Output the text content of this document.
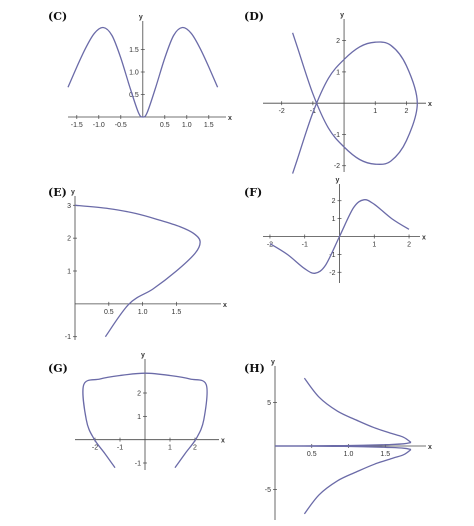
(C)
x
y
-1.5 -1.0 -0.5	0.5 1.0 1.5
0.5
1.0
1.5
(D)
x
y
-2	-1	1	2
2
1
-1
-2
(E)
x
y
0.5	1.0	1.5
3
2
1
-1
(F)
x
y
-2	-1	1	2
2
1
-1
-2
(G)
x
y
-2	-1	1	2
2
1
-1
(H)
x
y
0.5	1.0	1.5
5
-5
